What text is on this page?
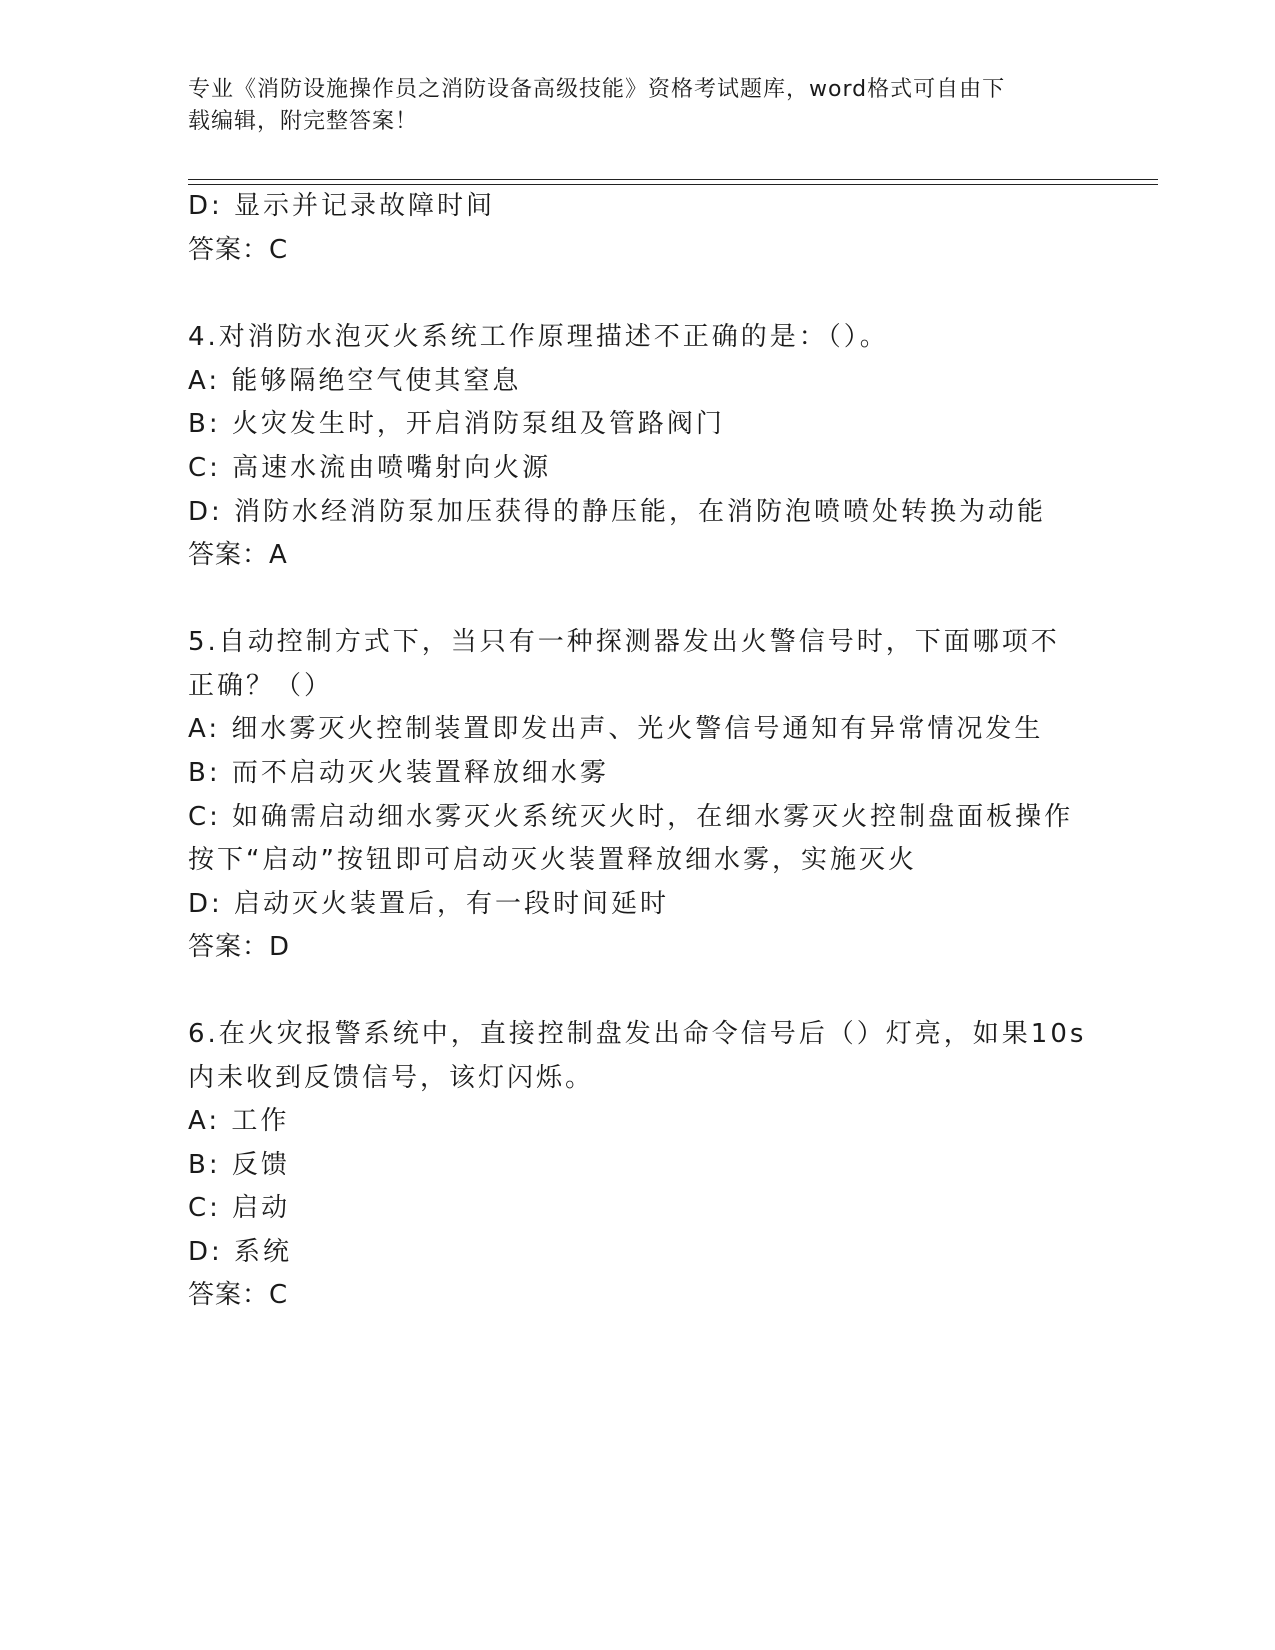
专业《消防设施操作员之消防设备高级技能》资格考试题库，word格式可自由下
载编辑，附完整答案！
D: 显示并记录故障时间
答案：C
4.对消防水泡灭火系统工作原理描述不正确的是：（）。
A: 能够隔绝空气使其窒息
B: 火灾发生时，开启消防泵组及管路阀门
C: 高速水流由喷嘴射向火源
D: 消防水经消防泵加压获得的静压能，在消防泡喷喷处转换为动能
答案：A
5.自动控制方式下，当只有一种探测器发出火警信号时，下面哪项不
正确？（）
A: 细水雾灭火控制装置即发出声、光火警信号通知有异常情况发生
B: 而不启动灭火装置释放细水雾
C: 如确需启动细水雾灭火系统灭火时，在细水雾灭火控制盘面板操作
按下“启动”按钮即可启动灭火装置释放细水雾，实施灭火
D: 启动灭火装置后，有一段时间延时
答案：D
6.在火灾报警系统中，直接控制盘发出命令信号后（）灯亮，如果10s
内未收到反馈信号，该灯闪烁。
A: 工作
B: 反馈
C: 启动
D: 系统
答案：C
